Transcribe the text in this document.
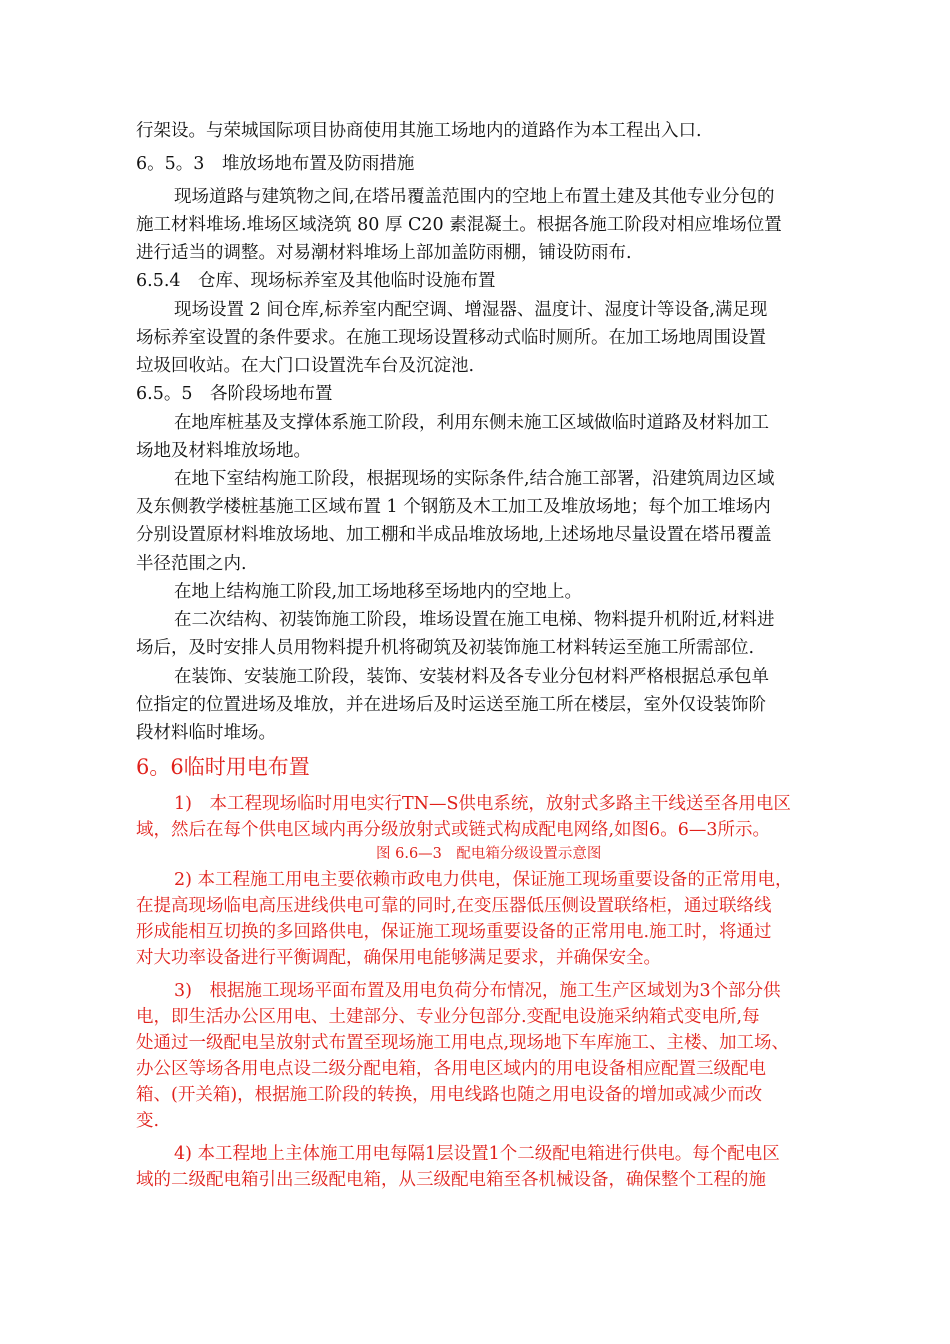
行架设。与荣城国际项目协商使用其施工场地内的道路作为本工程出入口.
6。5。3　堆放场地布置及防雨措施
现场道路与建筑物之间,在塔吊覆盖范围内的空地上布置土建及其他专业分包的
施工材料堆场.堆场区域浇筑 80 厚 C20 素混凝土。根据各施工阶段对相应堆场位置
进行适当的调整。对易潮材料堆场上部加盖防雨棚，铺设防雨布.
6.5.4　仓库、现场标养室及其他临时设施布置
现场设置 2 间仓库,标养室内配空调、增湿器、温度计、湿度计等设备,满足现
场标养室设置的条件要求。在施工现场设置移动式临时厕所。在加工场地周围设置
垃圾回收站。在大门口设置洗车台及沉淀池.
6.5。5　各阶段场地布置
在地库桩基及支撑体系施工阶段，利用东侧未施工区域做临时道路及材料加工
场地及材料堆放场地。
在地下室结构施工阶段，根据现场的实际条件,结合施工部署，沿建筑周边区域
及东侧教学楼桩基施工区域布置 1 个钢筋及木工加工及堆放场地；每个加工堆场内
分别设置原材料堆放场地、加工棚和半成品堆放场地,上述场地尽量设置在塔吊覆盖
半径范围之内.
在地上结构施工阶段,加工场地移至场地内的空地上。
在二次结构、初装饰施工阶段，堆场设置在施工电梯、物料提升机附近,材料进
场后，及时安排人员用物料提升机将砌筑及初装饰施工材料转运至施工所需部位.
在装饰、安装施工阶段，装饰、安装材料及各专业分包材料严格根据总承包单
位指定的位置进场及堆放，并在进场后及时运送至施工所在楼层，室外仅设装饰阶
段材料临时堆场。
6。6临时用电布置
1)　本工程现场临时用电实行TN—S供电系统，放射式多路主干线送至各用电区
域，然后在每个供电区域内再分级放射式或链式构成配电网络,如图6。6—3所示。
图 6.6—3　配电箱分级设置示意图
2) 本工程施工用电主要依赖市政电力供电，保证施工现场重要设备的正常用电，
在提高现场临电高压进线供电可靠的同时,在变压器低压侧设置联络柜，通过联络线
形成能相互切换的多回路供电，保证施工现场重要设备的正常用电.施工时，将通过
对大功率设备进行平衡调配，确保用电能够满足要求，并确保安全。
3)　根据施工现场平面布置及用电负荷分布情况，施工生产区域划为3个部分供
电，即生活办公区用电、土建部分、专业分包部分.变配电设施采纳箱式变电所,每
处通过一级配电呈放射式布置至现场施工用电点,现场地下车库施工、主楼、加工场、
办公区等场各用电点设二级分配电箱，各用电区域内的用电设备相应配置三级配电
箱、(开关箱)，根据施工阶段的转换，用电线路也随之用电设备的增加或减少而改
变.
4) 本工程地上主体施工用电每隔1层设置1个二级配电箱进行供电。每个配电区
域的二级配电箱引出三级配电箱，从三级配电箱至各机械设备，确保整个工程的施
